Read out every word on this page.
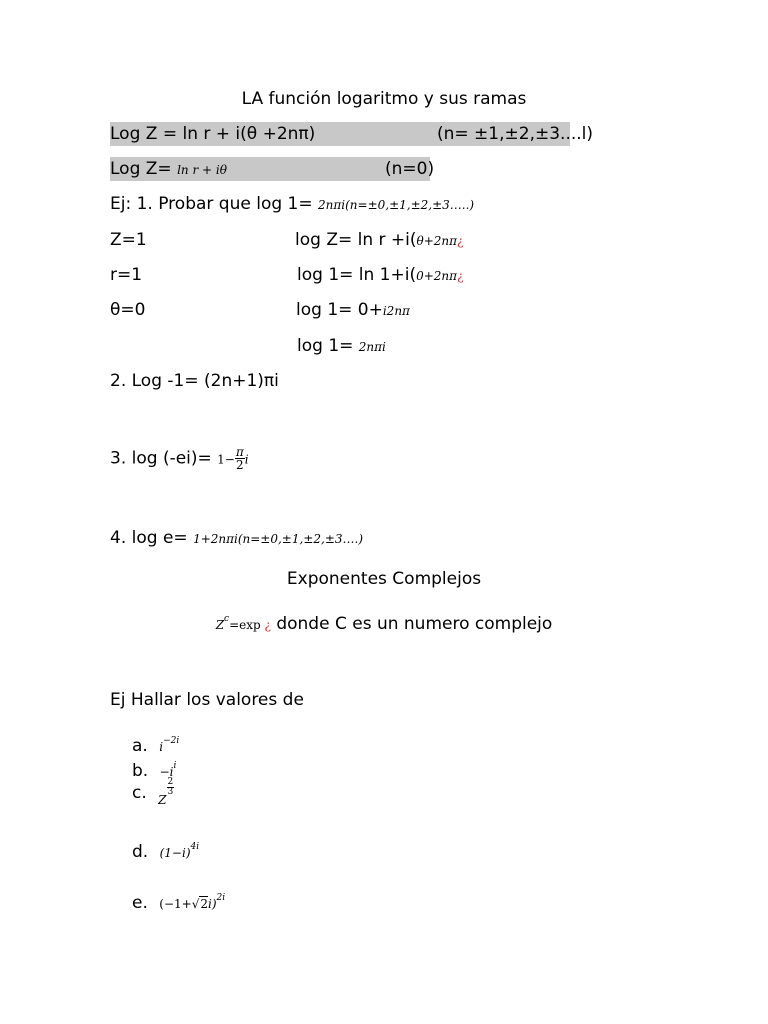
LA función logaritmo y sus ramas
Log Z = ln r + i(θ +2nπ)	(n= ±1,±2,±3....l)
Log Z= ln r + iθ	(n=0)
Ej: 1. Probar que log 1= 2nπi(n=±0,±1,±2,±3…..)
Z=1	log Z= ln r +i(θ+2nπ¿
r=1	log 1= ln 1+i(0+2nπ¿
θ=0	log 1= 0+i2nπ
log 1= 2nπi
2. Log -1= (2n+1)πi
3. $\log (-ei)= 1- \frac{\pi}{2}$ i
4. log e= 1+2nπi(n=±0,±1,±2,±3….)
Exponentes Complejos
$Z^c=\exp$ ¿ donde C es un numero complejo
Ej Hallar los valores de
a. $i^{-2i}$
b. $-i^i$
c. $_Z$
$\frac{2}{3}$
d. $(1-i)^{4i}$
e. $(-1+√2i)^{2i}$
